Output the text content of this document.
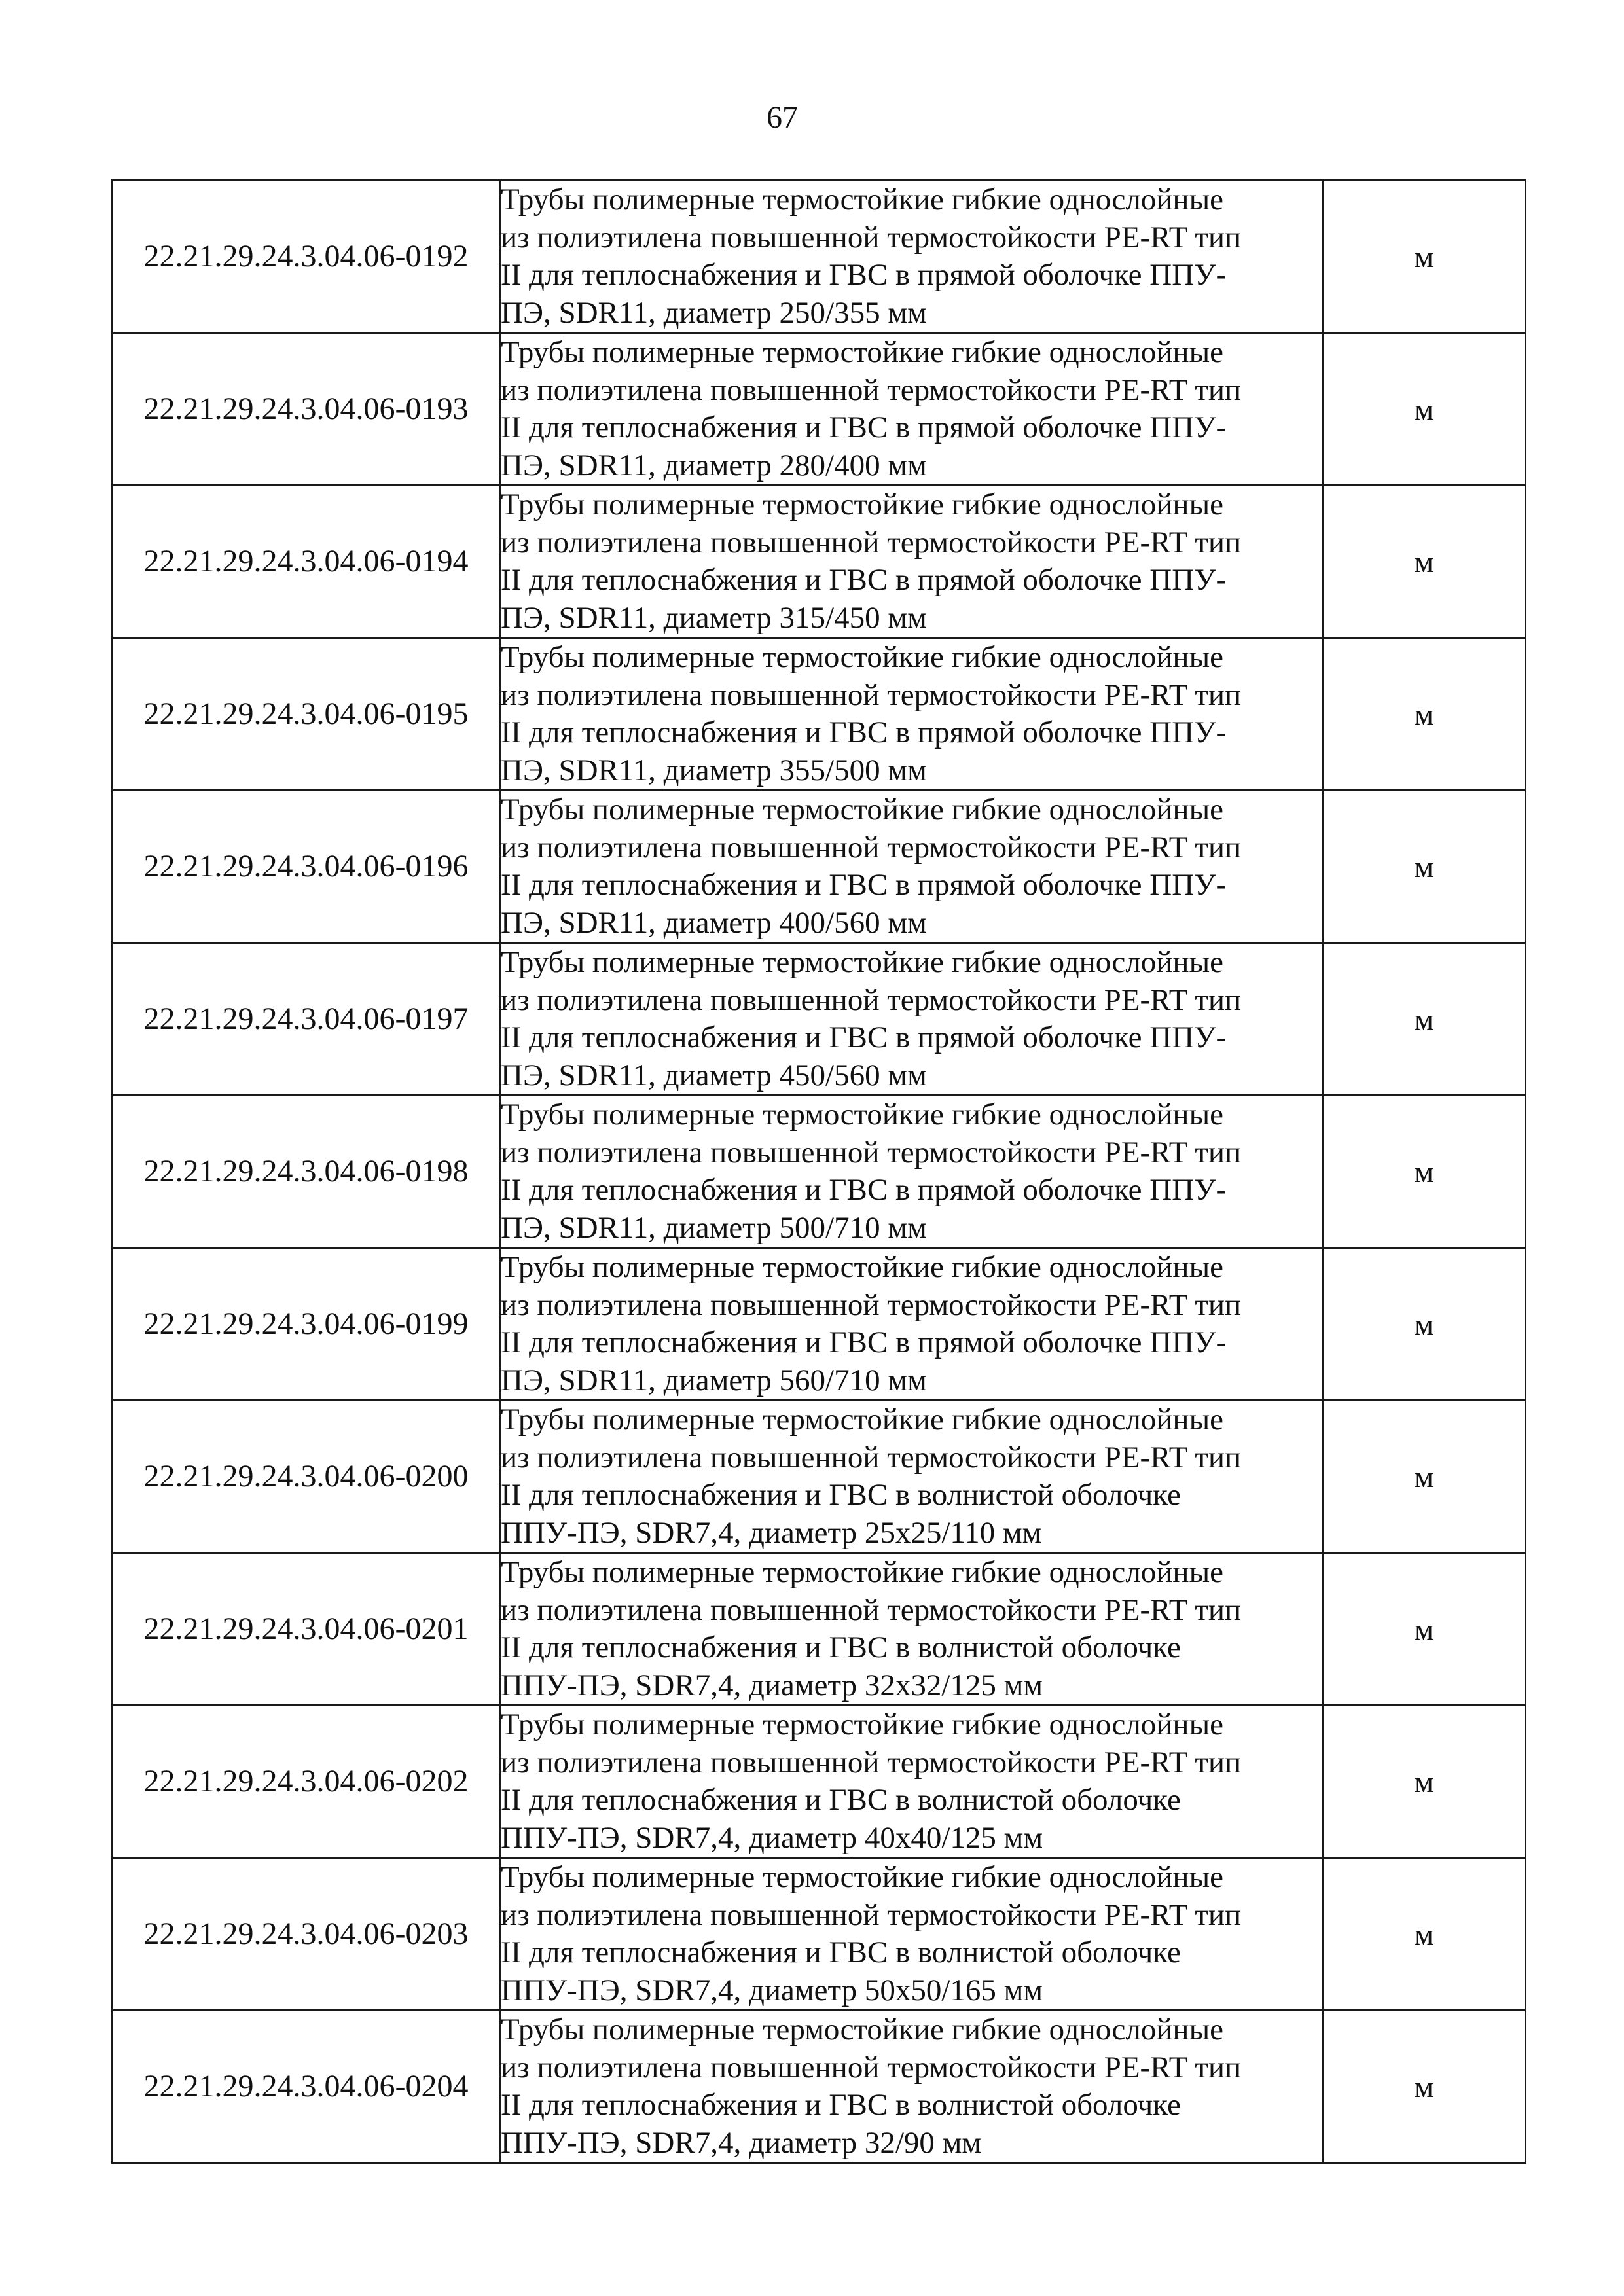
67
22.21.29.24.3.04.06-0192	Трубы полимерные термостойкие гибкие однослойные
из полиэтилена повышенной термостойкости PE-RT тип
II для теплоснабжения и ГВС в прямой оболочке ППУ-
ПЭ, SDR11, диаметр 250/355 мм	м
22.21.29.24.3.04.06-0193	Трубы полимерные термостойкие гибкие однослойные
из полиэтилена повышенной термостойкости PE-RT тип
II для теплоснабжения и ГВС в прямой оболочке ППУ-
ПЭ, SDR11, диаметр 280/400 мм	м
22.21.29.24.3.04.06-0194	Трубы полимерные термостойкие гибкие однослойные
из полиэтилена повышенной термостойкости PE-RT тип
II для теплоснабжения и ГВС в прямой оболочке ППУ-
ПЭ, SDR11, диаметр 315/450 мм	м
22.21.29.24.3.04.06-0195	Трубы полимерные термостойкие гибкие однослойные
из полиэтилена повышенной термостойкости PE-RT тип
II для теплоснабжения и ГВС в прямой оболочке ППУ-
ПЭ, SDR11, диаметр 355/500 мм	м
22.21.29.24.3.04.06-0196	Трубы полимерные термостойкие гибкие однослойные
из полиэтилена повышенной термостойкости PE-RT тип
II для теплоснабжения и ГВС в прямой оболочке ППУ-
ПЭ, SDR11, диаметр 400/560 мм	м
22.21.29.24.3.04.06-0197	Трубы полимерные термостойкие гибкие однослойные
из полиэтилена повышенной термостойкости PE-RT тип
II для теплоснабжения и ГВС в прямой оболочке ППУ-
ПЭ, SDR11, диаметр 450/560 мм	м
22.21.29.24.3.04.06-0198	Трубы полимерные термостойкие гибкие однослойные
из полиэтилена повышенной термостойкости PE-RT тип
II для теплоснабжения и ГВС в прямой оболочке ППУ-
ПЭ, SDR11, диаметр 500/710 мм	м
22.21.29.24.3.04.06-0199	Трубы полимерные термостойкие гибкие однослойные
из полиэтилена повышенной термостойкости PE-RT тип
II для теплоснабжения и ГВС в прямой оболочке ППУ-
ПЭ, SDR11, диаметр 560/710 мм	м
22.21.29.24.3.04.06-0200	Трубы полимерные термостойкие гибкие однослойные
из полиэтилена повышенной термостойкости PE-RT тип
II для теплоснабжения и ГВС в волнистой оболочке
ППУ-ПЭ, SDR7,4, диаметр 25х25/110 мм	м
22.21.29.24.3.04.06-0201	Трубы полимерные термостойкие гибкие однослойные
из полиэтилена повышенной термостойкости PE-RT тип
II для теплоснабжения и ГВС в волнистой оболочке
ППУ-ПЭ, SDR7,4, диаметр 32х32/125 мм	м
22.21.29.24.3.04.06-0202	Трубы полимерные термостойкие гибкие однослойные
из полиэтилена повышенной термостойкости PE-RT тип
II для теплоснабжения и ГВС в волнистой оболочке
ППУ-ПЭ, SDR7,4, диаметр 40х40/125 мм	м
22.21.29.24.3.04.06-0203	Трубы полимерные термостойкие гибкие однослойные
из полиэтилена повышенной термостойкости PE-RT тип
II для теплоснабжения и ГВС в волнистой оболочке
ППУ-ПЭ, SDR7,4, диаметр 50х50/165 мм	м
22.21.29.24.3.04.06-0204	Трубы полимерные термостойкие гибкие однослойные
из полиэтилена повышенной термостойкости PE-RT тип
II для теплоснабжения и ГВС в волнистой оболочке
ППУ-ПЭ, SDR7,4, диаметр 32/90 мм	м
